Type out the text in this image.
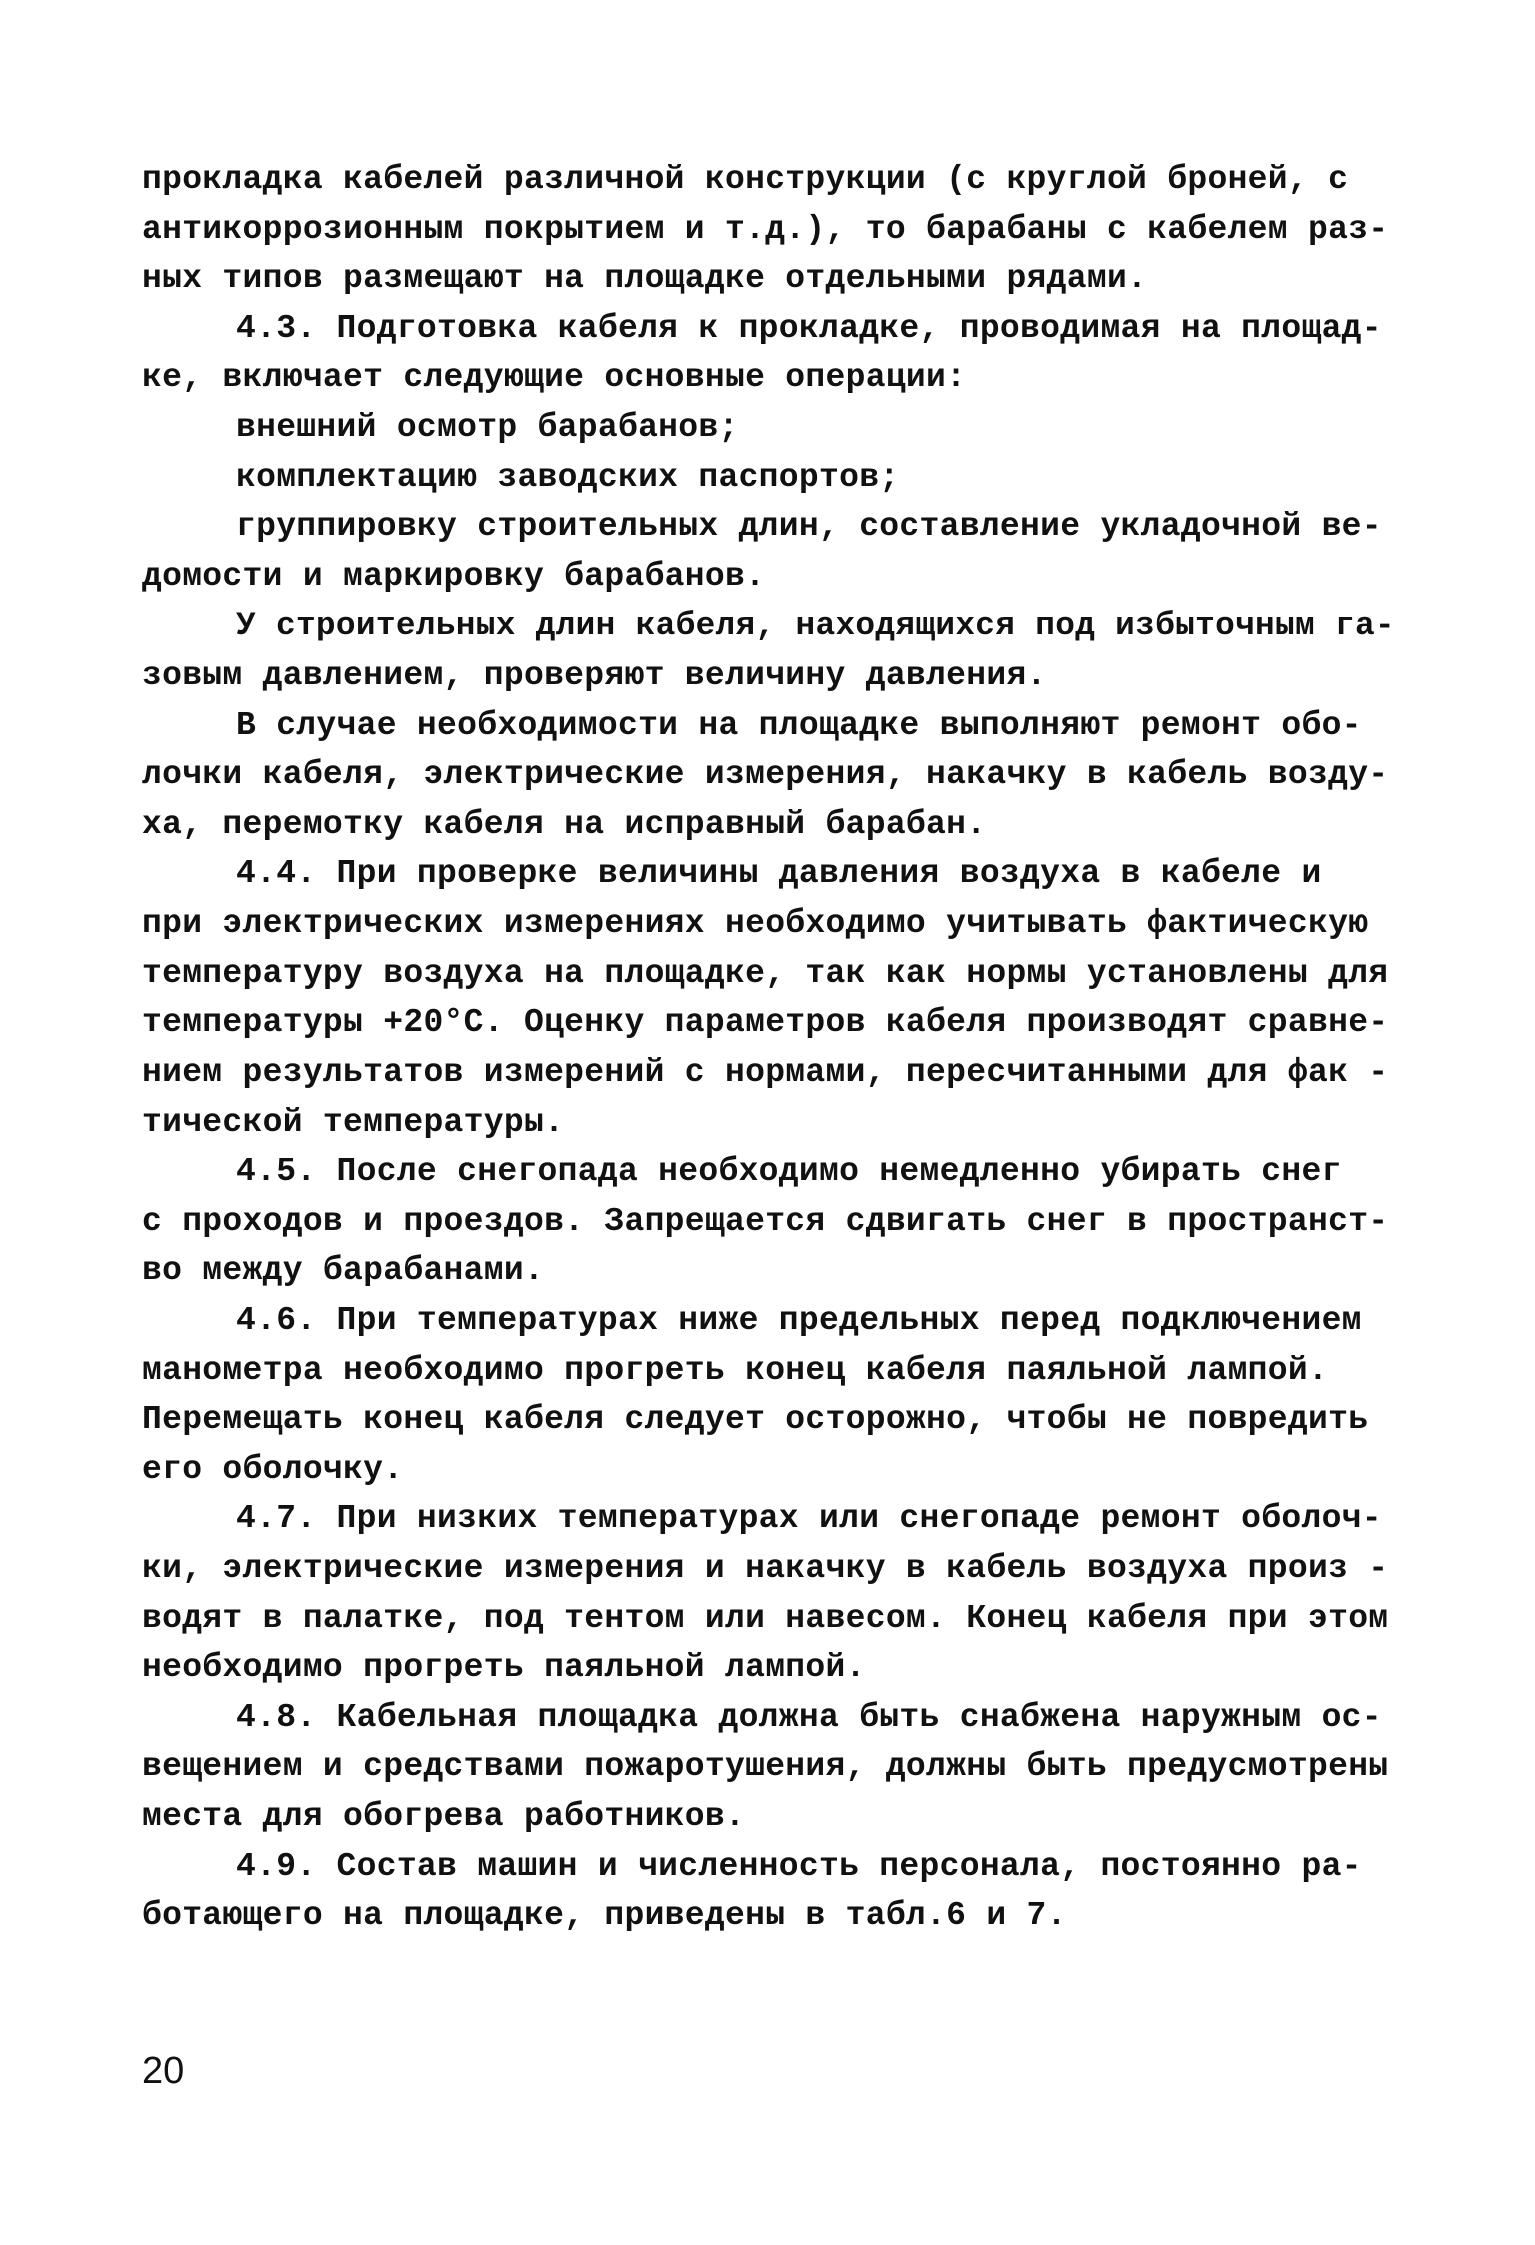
прокладка кабелей различной конструкции (с круглой броней, с
антикоррозионным покрытием и т.д.), то барабаны с кабелем раз-
ных типов размещают на площадке отдельными рядами.
4.3. Подготовка кабеля к прокладке, проводимая на площад-
ке, включает следующие основные операции:
внешний осмотр барабанов;
комплектацию заводских паспортов;
группировку строительных длин, составление укладочной ве-
домости и маркировку барабанов.
У строительных длин кабеля, находящихся под избыточным га-
зовым давлением, проверяют величину давления.
В случае необходимости на площадке выполняют ремонт обо-
лочки кабеля, электрические измерения, накачку в кабель возду-
ха, перемотку кабеля на исправный барабан.
4.4. При проверке величины давления воздуха в кабеле и
при электрических измерениях необходимо учитывать фактическую
температуру воздуха на площадке, так как нормы установлены для
температуры +20°С. Оценку параметров кабеля производят сравне-
нием результатов измерений с нормами, пересчитанными для фак -
тической температуры.
4.5. После снегопада необходимо немедленно убирать снег
с проходов и проездов. Запрещается сдвигать снег в пространст-
во между барабанами.
4.6. При температурах ниже предельных перед подключением
манометра необходимо прогреть конец кабеля паяльной лампой.
Перемещать конец кабеля следует осторожно, чтобы не повредить
его оболочку.
4.7. При низких температурах или снегопаде ремонт оболоч-
ки, электрические измерения и накачку в кабель воздуха произ -
водят в палатке, под тентом или навесом. Конец кабеля при этом
необходимо прогреть паяльной лампой.
4.8. Кабельная площадка должна быть снабжена наружным ос-
вещением и средствами пожаротушения, должны быть предусмотрены
места для обогрева работников.
4.9. Состав машин и численность персонала, постоянно ра-
ботающего на площадке, приведены в табл.6 и 7.
20
